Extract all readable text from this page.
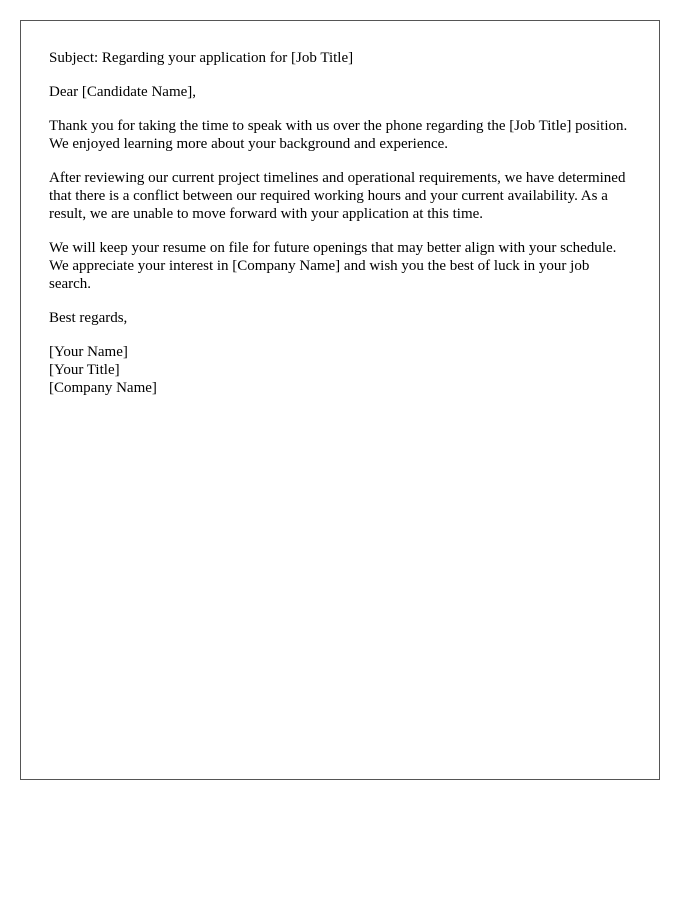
Subject: Regarding your application for [Job Title]

Dear [Candidate Name],

Thank you for taking the time to speak with us over the phone regarding the [Job Title] position. We enjoyed learning more about your background and experience.

After reviewing our current project timelines and operational requirements, we have determined that there is a conflict between our required working hours and your current availability. As a result, we are unable to move forward with your application at this time.

We will keep your resume on file for future openings that may better align with your schedule. We appreciate your interest in [Company Name] and wish you the best of luck in your job search.

Best regards,

[Your Name]
[Your Title]
[Company Name]
